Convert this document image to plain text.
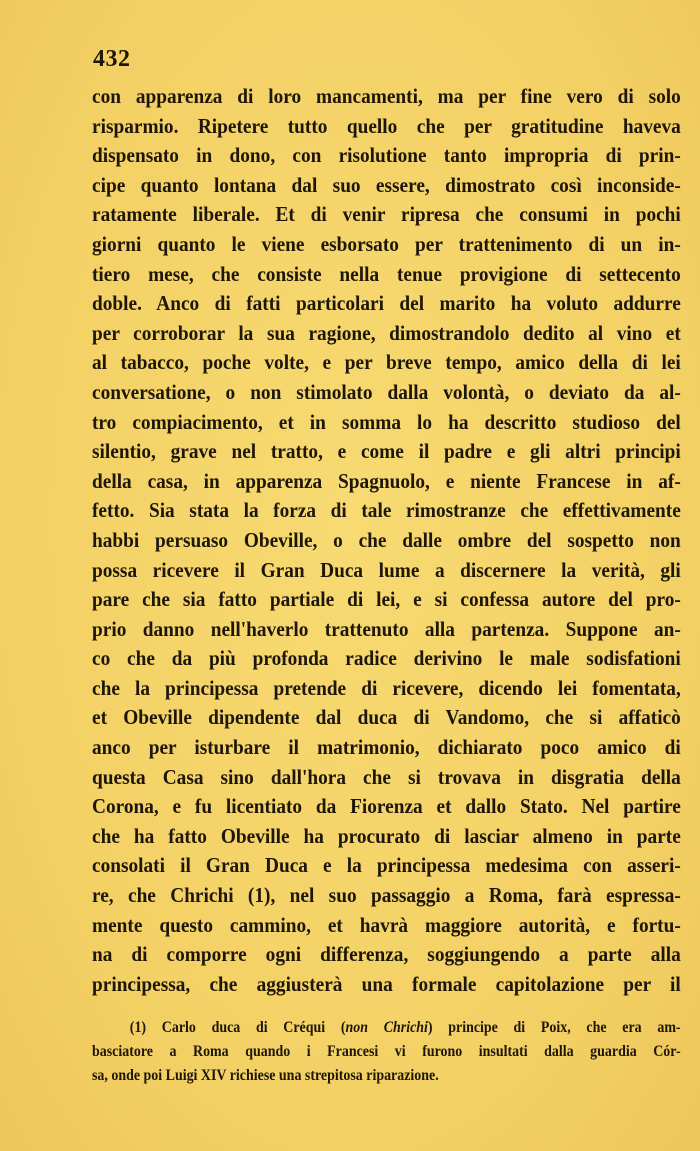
432
con apparenza di loro mancamenti, ma per fine vero di solo
risparmio. Ripetere tutto quello che per gratitudine haveva
dispensato in dono, con risolutione tanto impropria di prin-
cipe quanto lontana dal suo essere, dimostrato così inconside-
ratamente liberale. Et di venir ripresa che consumi in pochi
giorni quanto le viene esborsato per trattenimento di un in-
tiero mese, che consiste nella tenue provigione di settecento
doble. Anco di fatti particolari del marito ha voluto addurre
per corroborar la sua ragione, dimostrandolo dedito al vino et
al tabacco, poche volte, e per breve tempo, amico della di lei
conversatione, o non stimolato dalla volontà, o deviato da al-
tro compiacimento, et in somma lo ha descritto studioso del
silentio, grave nel tratto, e come il padre e gli altri principi
della casa, in apparenza Spagnuolo, e niente Francese in af-
fetto. Sia stata la forza di tale rimostranze che effettivamente
habbi persuaso Obeville, o che dalle ombre del sospetto non
possa ricevere il Gran Duca lume a discernere la verità, gli
pare che sia fatto partiale di lei, e si confessa autore del pro-
prio danno nell'haverlo trattenuto alla partenza. Suppone an-
co che da più profonda radice derivino le male sodisfationi
che la principessa pretende di ricevere, dicendo lei fomentata,
et Obeville dipendente dal duca di Vandomo, che si affaticò
anco per isturbare il matrimonio, dichiarato poco amico di
questa Casa sino dall'hora che si trovava in disgratia della
Corona, e fu licentiato da Fiorenza et dallo Stato. Nel partire
che ha fatto Obeville ha procurato di lasciar almeno in parte
consolati il Gran Duca e la principessa medesima con asseri-
re, che Chrichi (1), nel suo passaggio a Roma, farà espressa-
mente questo cammino, et havrà maggiore autorità, e fortu-
na di comporre ogni differenza, soggiungendo a parte alla
principessa, che aggiusterà una formale capitolazione per il
(1) Carlo duca di Créqui (non Chrichi) principe di Poix, che era am-
basciatore a Roma quando i Francesi vi furono insultati dalla guardia Cór-
sa, onde poi Luigi XIV richiese una strepitosa riparazione.
